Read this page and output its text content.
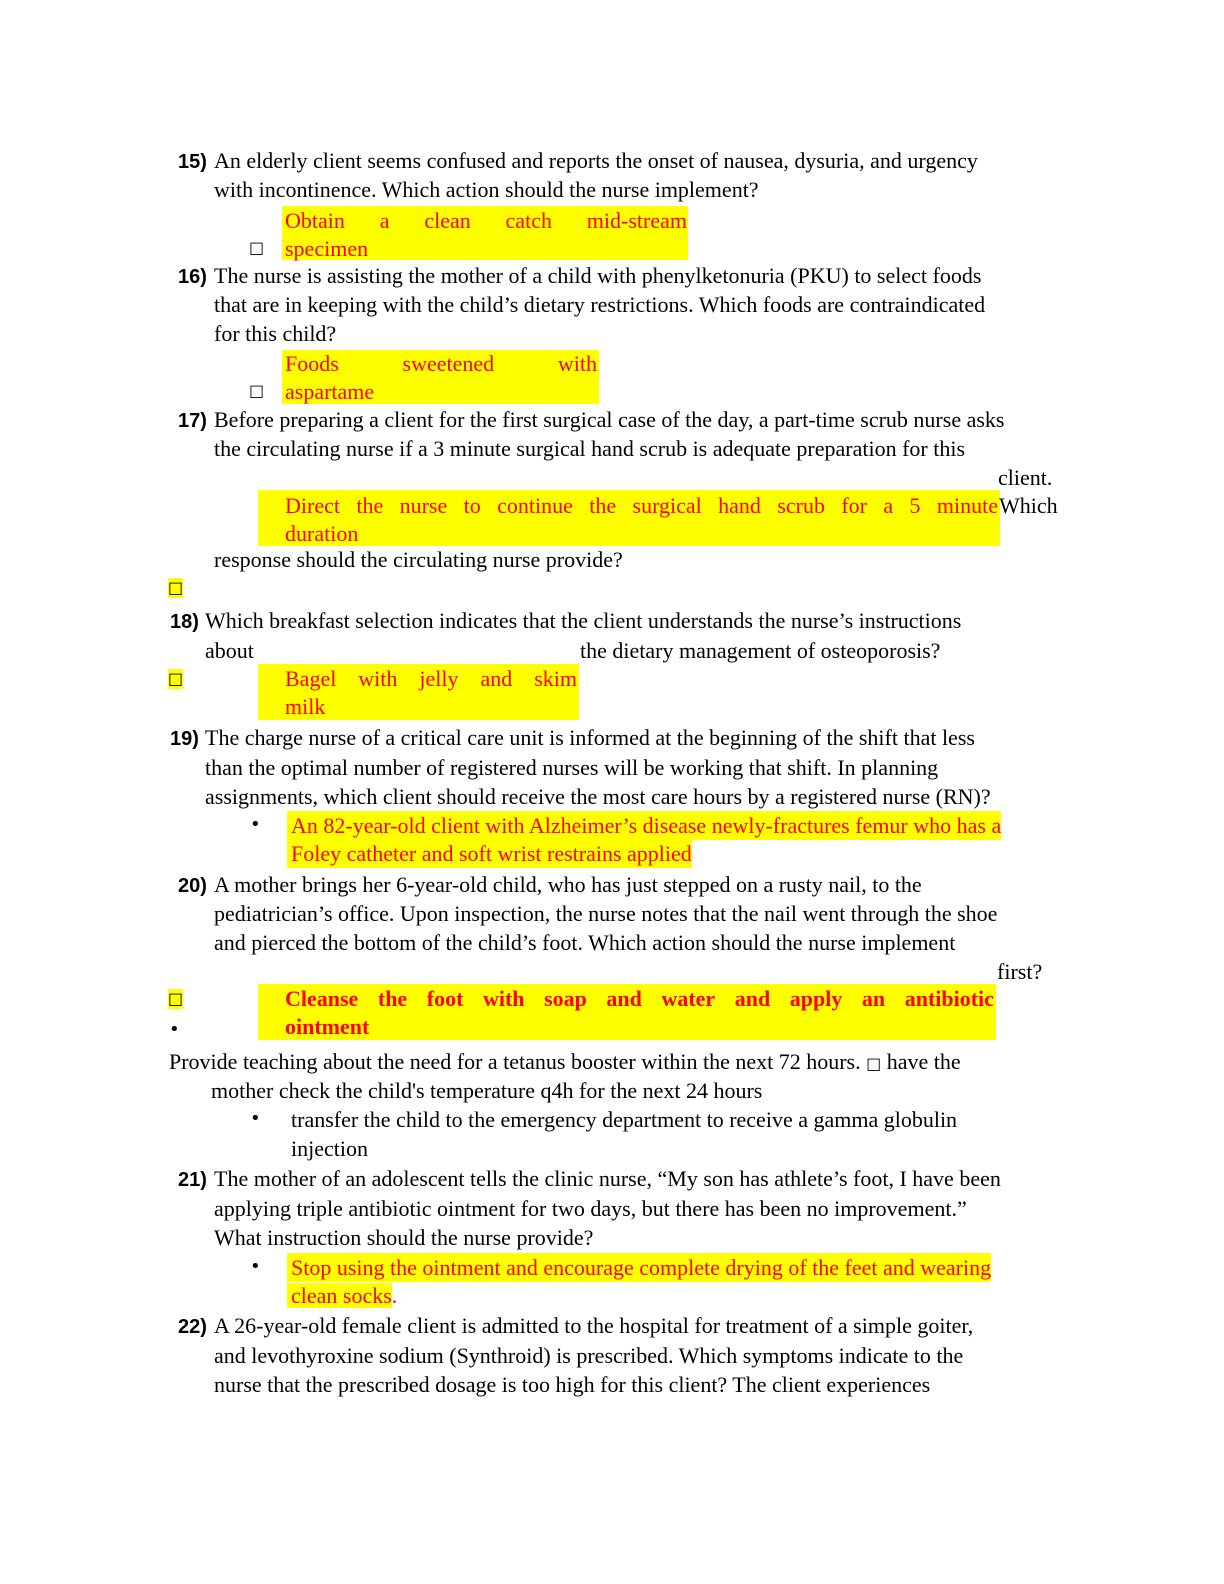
15) An elderly client seems confused and reports the onset of nausea, dysuria, and urgency
with incontinence. Which action should the nurse implement?
Obtain a clean catch mid-stream
specimen
□
16) The nurse is assisting the mother of a child with phenylketonuria (PKU) to select foods
that are in keeping with the child’s dietary restrictions. Which foods are contraindicated
for this child?
Foods	sweetened	with
aspartame
□
17) Before preparing a client for the first surgical case of the day, a part-time scrub nurse asks
the circulating nurse if a 3 minute surgical hand scrub is adequate preparation for this
client.
Direct the nurse to continue the surgical hand scrub for a 5 minute Which
duration
response should the circulating nurse provide?
□
18) Which breakfast selection indicates that the client understands the nurse’s instructions
about	the dietary management of osteoporosis?
Bagel with jelly and skim
milk
□
19) The charge nurse of a critical care unit is informed at the beginning of the shift that less
than the optimal number of registered nurses will be working that shift. In planning
assignments, which client should receive the most care hours by a registered nurse (RN)?
• An 82-year-old client with Alzheimer’s disease newly-fractures femur who has a
Foley catheter and soft wrist restrains applied
20) A mother brings her 6-year-old child, who has just stepped on a rusty nail, to the
pediatrician’s office. Upon inspection, the nurse notes that the nail went through the shoe
and pierced the bottom of the child’s foot. Which action should the nurse implement
first?
Cleanse the foot with soap and water and apply an antibiotic
ointment
□
•
Provide teaching about the need for a tetanus booster within the next 72 hours. □ have the
mother check the child's temperature q4h for the next 24 hours
• transfer the child to the emergency department to receive a gamma globulin
injection
21) The mother of an adolescent tells the clinic nurse, “My son has athlete’s foot, I have been
applying triple antibiotic ointment for two days, but there has been no improvement.”
What instruction should the nurse provide?
• Stop using the ointment and encourage complete drying of the feet and wearing
clean socks.
22) A 26-year-old female client is admitted to the hospital for treatment of a simple goiter,
and levothyroxine sodium (Synthroid) is prescribed. Which symptoms indicate to the
nurse that the prescribed dosage is too high for this client? The client experiences
